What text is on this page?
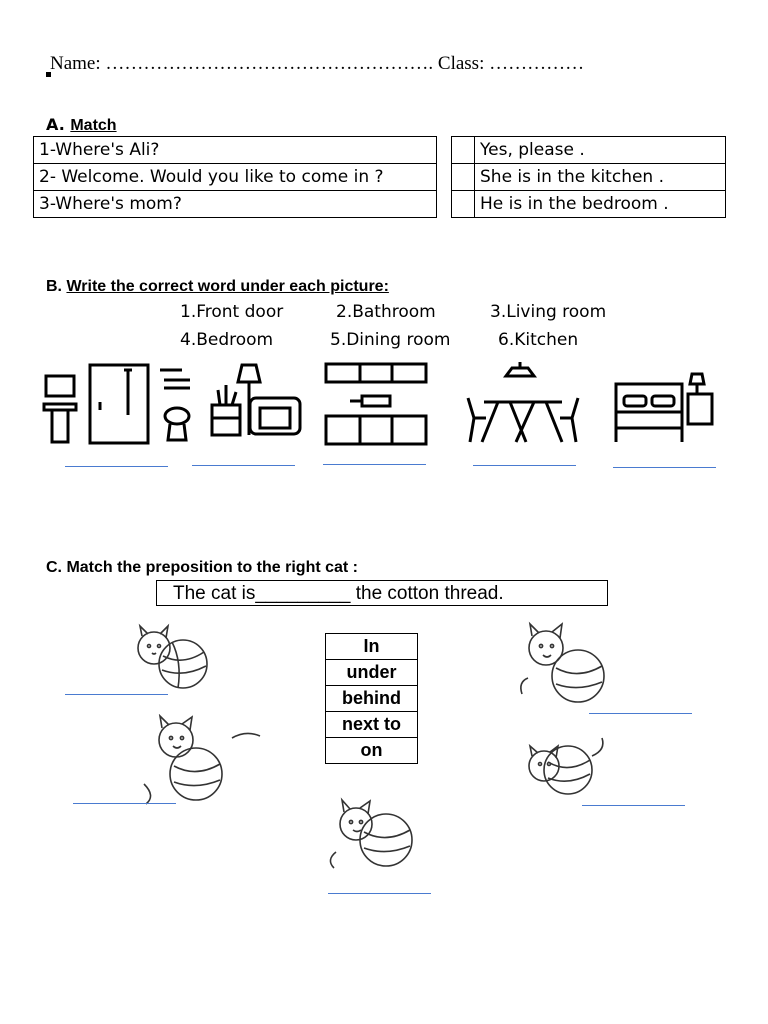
Name: ……………………………………………. Class: ……………
A. Match
1-Where's Ali?
2- Welcome. Would you like to come in ?
3-Where's mom?
	Yes, please .
	She is in the kitchen .
	He is in the bedroom .
B. Write the correct word under each picture:
1.Front door	2.Bathroom	3.Living room
4.Bedroom	5.Dining room	6.Kitchen
C. Match the preposition to the right cat :
The cat is_________ the cotton thread.
In
under
behind
next to
on
